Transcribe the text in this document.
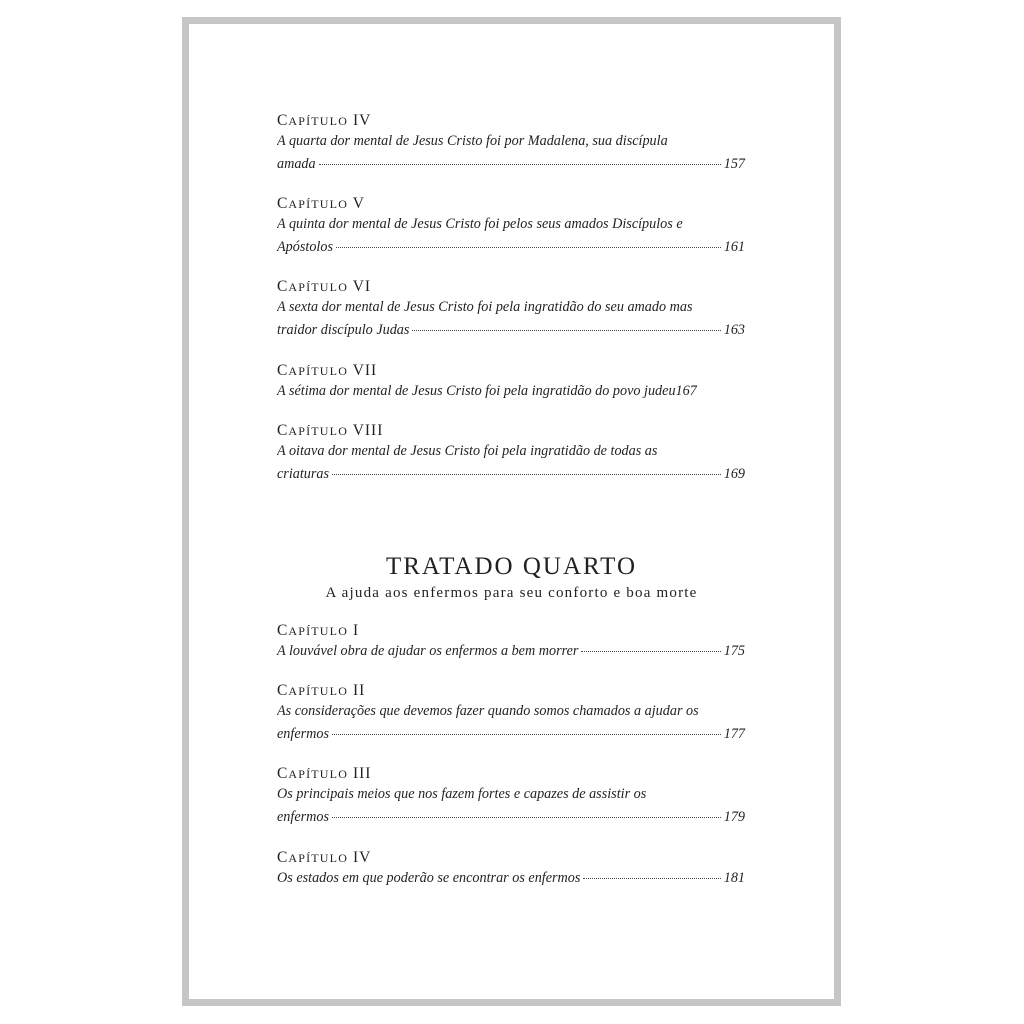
CAPÍTULO IV
A quarta dor mental de Jesus Cristo foi por Madalena, sua discípula
amada	157
CAPÍTULO V
A quinta dor mental de Jesus Cristo foi pelos seus amados Discípulos e
Apóstolos	161
CAPÍTULO VI
A sexta dor mental de Jesus Cristo foi pela ingratidão do seu amado mas
traidor discípulo Judas	163
CAPÍTULO VII
A sétima dor mental de Jesus Cristo foi pela ingratidão do povo judeu 167
CAPÍTULO VIII
A oitava dor mental de Jesus Cristo foi pela ingratidão de todas as
criaturas	169
CAPÍTULO I
A louvável obra de ajudar os enfermos a bem morrer	175
CAPÍTULO II
As considerações que devemos fazer quando somos chamados a ajudar os
enfermos	177
CAPÍTULO III
Os principais meios que nos fazem fortes e capazes de assistir os
enfermos	179
CAPÍTULO IV
Os estados em que poderão se encontrar os enfermos	181
TRATADO QUARTO
A ajuda aos enfermos para seu conforto e boa morte
